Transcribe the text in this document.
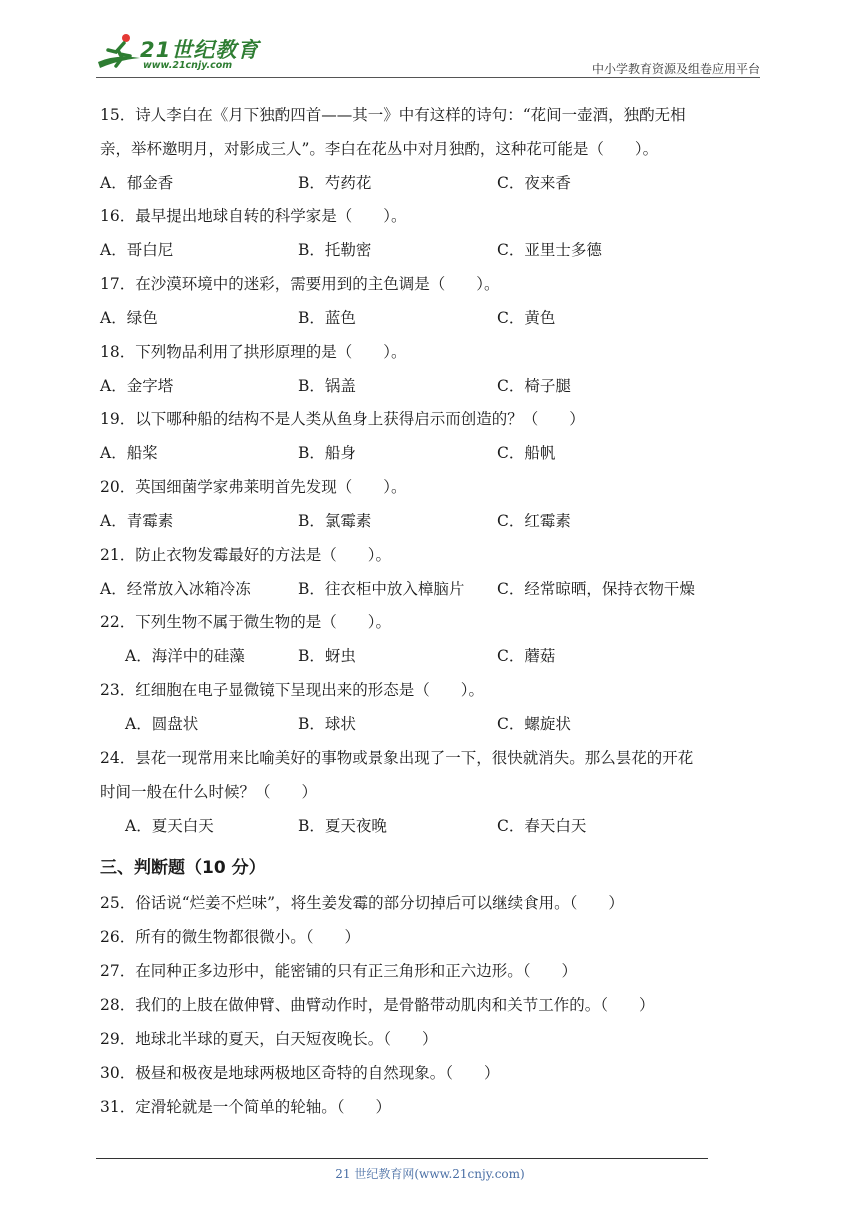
21世纪教育
www.21cnjy.com	中小学教育资源及组卷应用平台
15．诗人李白在《月下独酌四首——其一》中有这样的诗句：“花间一壶酒，独酌无相
亲，举杯邀明月，对影成三人”。李白在花丛中对月独酌，这种花可能是（　　）。
A．郁金香	B．芍药花	C．夜来香
16．最早提出地球自转的科学家是（　　）。
A．哥白尼	B．托勒密	C．亚里士多德
17．在沙漠环境中的迷彩，需要用到的主色调是（　　）。
A．绿色	B．蓝色	C．黄色
18．下列物品利用了拱形原理的是（　　）。
A．金字塔	B．锅盖	C．椅子腿
19．以下哪种船的结构不是人类从鱼身上获得启示而创造的？（　　）
A．船桨	B．船身	C．船帆
20．英国细菌学家弗莱明首先发现（　　）。
A．青霉素	B．氯霉素	C．红霉素
21．防止衣物发霉最好的方法是（　　）。
A．经常放入冰箱冷冻	B．往衣柜中放入樟脑片 C．经常晾晒，保持衣物干燥
22．下列生物不属于微生物的是（　　）。
A．海洋中的硅藻	B．蚜虫	C．蘑菇
23．红细胞在电子显微镜下呈现出来的形态是（　　）。
A．圆盘状	B．球状	C．螺旋状
24．昙花一现常用来比喻美好的事物或景象出现了一下，很快就消失。那么昙花的开花
时间一般在什么时候？（　　）
A．夏天白天	B．夏天夜晚	C．春天白天
三、判断题（10 分）
25．俗话说“烂姜不烂味”，将生姜发霉的部分切掉后可以继续食用。（　　）
26．所有的微生物都很微小。（　　）
27．在同种正多边形中，能密铺的只有正三角形和正六边形。（　　）
28．我们的上肢在做伸臂、曲臂动作时，是骨骼带动肌肉和关节工作的。（　　）
29．地球北半球的夏天，白天短夜晚长。（　　）
30．极昼和极夜是地球两极地区奇特的自然现象。（　　）
31．定滑轮就是一个简单的轮轴。（　　）
21 世纪教育网(www.21cnjy.com)
